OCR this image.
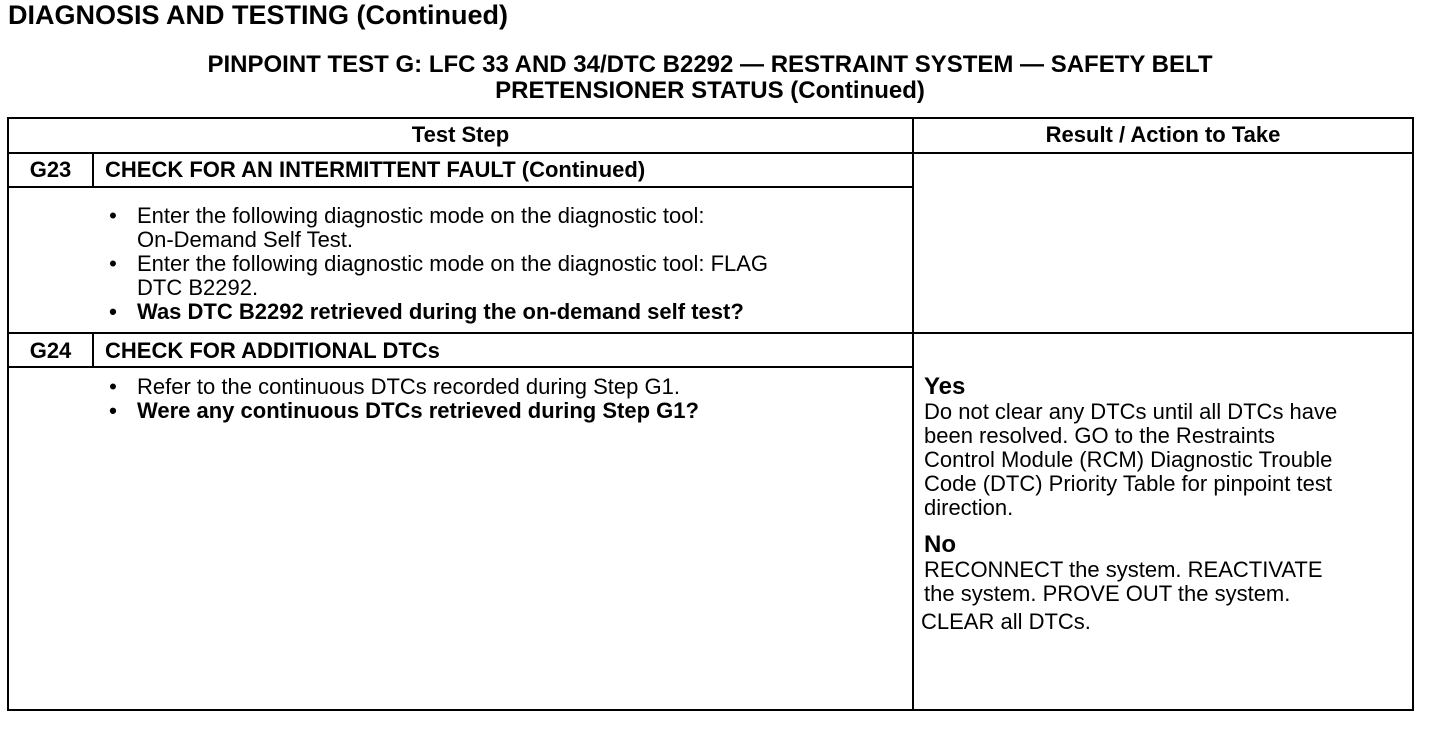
DIAGNOSIS AND TESTING (Continued)
PINPOINT TEST G: LFC 33 AND 34/DTC B2292 — RESTRAINT SYSTEM — SAFETY BELT
PRETENSIONER STATUS (Continued)
Test Step	Result / Action to Take
G23	CHECK FOR AN INTERMITTENT FAULT (Continued)
• Enter the following diagnostic mode on the diagnostic tool:
On-Demand Self Test.
• Enter the following diagnostic mode on the diagnostic tool: FLAG
DTC B2292.
• Was DTC B2292 retrieved during the on-demand self test?
G24	CHECK FOR ADDITIONAL DTCs
• Refer to the continuous DTCs recorded during Step G1.
• Were any continuous DTCs retrieved during Step G1?
Yes
Do not clear any DTCs until all DTCs have
been resolved. GO to the Restraints
Control Module (RCM) Diagnostic Trouble
Code (DTC) Priority Table for pinpoint test
direction.
No
RECONNECT the system. REACTIVATE
the system. PROVE OUT the system.
CLEAR all DTCs.
